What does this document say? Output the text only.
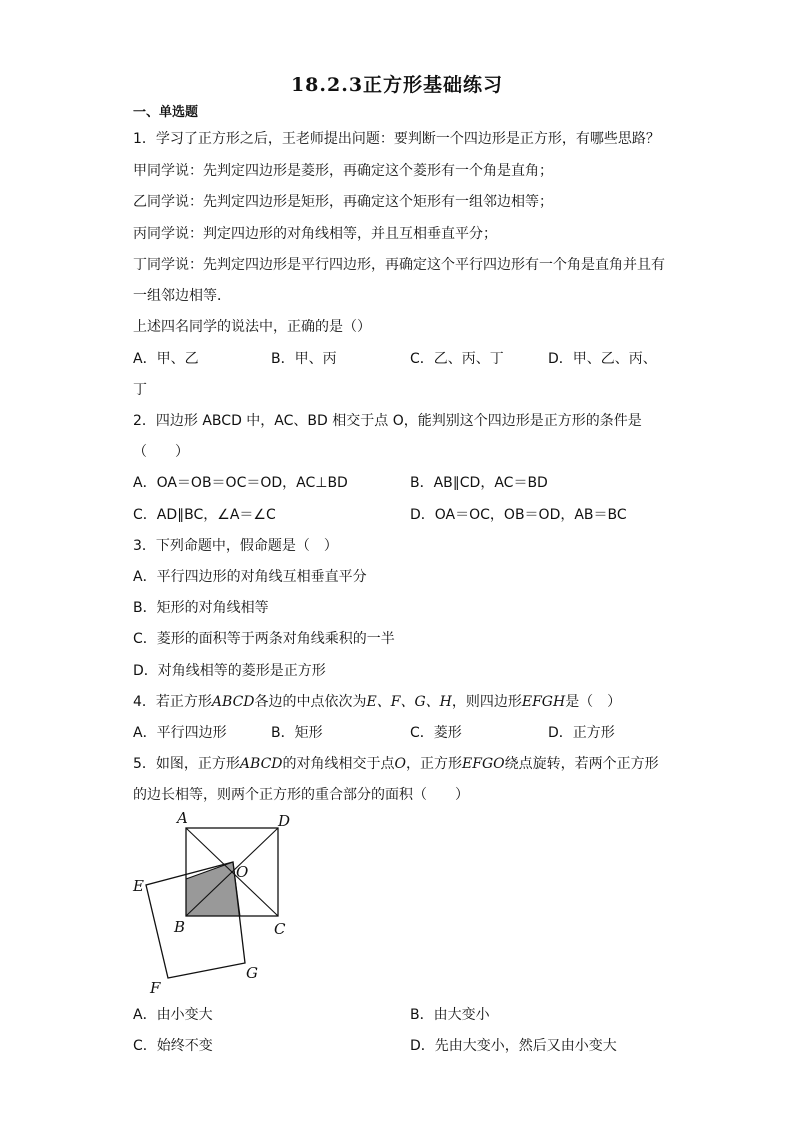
18.2.3正方形基础练习
一、单选题
1．学习了正方形之后，王老师提出问题：要判断一个四边形是正方形，有哪些思路？
甲同学说：先判定四边形是菱形，再确定这个菱形有一个角是直角；
乙同学说：先判定四边形是矩形，再确定这个矩形有一组邻边相等；
丙同学说：判定四边形的对角线相等，并且互相垂直平分；
丁同学说：先判定四边形是平行四边形，再确定这个平行四边形有一个角是直角并且有
一组邻边相等．
上述四名同学的说法中，正确的是（）
A．甲、乙	B．甲、丙	C．乙、丙、丁	D．甲、乙、丙、
丁
2．四边形 ABCD 中，AC、BD 相交于点 O，能判别这个四边形是正方形的条件是
（　　）
A．OA＝OB＝OC＝OD，AC⊥BD	B．AB∥CD，AC＝BD
C．AD∥BC，∠A＝∠C	D．OA＝OC，OB＝OD，AB＝BC
3．下列命题中，假命题是（　）
A．平行四边形的对角线互相垂直平分
B．矩形的对角线相等
C．菱形的面积等于两条对角线乘积的一半
D．对角线相等的菱形是正方形
4．若正方形ABCD各边的中点依次为E、F、G、H，则四边形EFGH是（　）
A．平行四边形	B．矩形	C．菱形	D．正方形
5．如图，正方形ABCD的对角线相交于点O，正方形EFGO绕点旋转，若两个正方形
的边长相等，则两个正方形的重合部分的面积（　　）
A	D
O
E
B	C
F
G
A．由小变大	B．由大变小
C．始终不变	D．先由大变小，然后又由小变大
